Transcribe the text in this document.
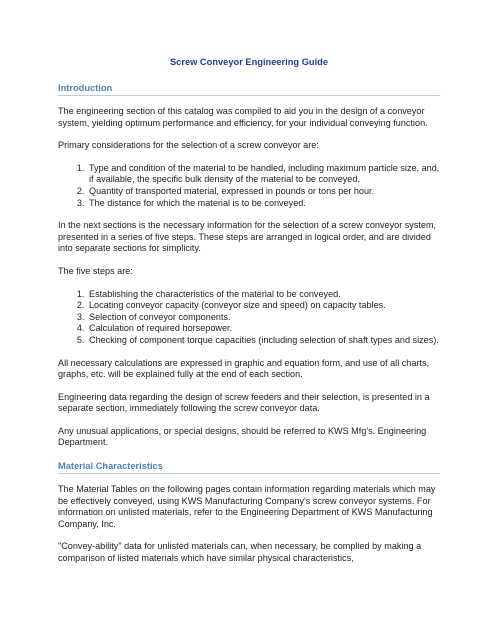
Screw Conveyor Engineering Guide
Introduction

The engineering section of this catalog was compiled to aid you in the design of a conveyor system, yielding optimum performance and efficiency, for your individual conveying function.

Primary considerations for the selection of a screw conveyor are:

1. Type and condition of the material to be handled, including maximum particle size, and, if available, the specific bulk density of the material to be conveyed.
2. Quantity of transported material, expressed in pounds or tons per hour.
3. The distance for which the material is to be conveyed.

In the next sections is the necessary information for the selection of a screw conveyor system, presented in a series of five steps. These steps are arranged in logical order, and are divided into separate sections for simplicity.

The five steps are:

1. Establishing the characteristics of the material to be conveyed.
2. Locating conveyor capacity (conveyor size and speed) on capacity tables.
3. Selection of conveyor components.
4. Calculation of required horsepower.
5. Checking of component torque capacities (including selection of shaft types and sizes).

All necessary calculations are expressed in graphic and equation form, and use of all charts, graphs, etc. will be explained fully at the end of each section.

Engineering data regarding the design of screw feeders and their selection, is presented in a separate section, immediately following the screw conveyor data.

Any unusual applications, or special designs, should be referred to KWS Mfg's. Engineering Department.

Material Characteristics

The Material Tables on the following pages contain information regarding materials which may be effectively conveyed, using KWS Manufacturing Company's screw conveyor systems. For information on unlisted materials, refer to the Engineering Department of KWS Manufacturing Company, Inc.

"Convey-ability" data for unlisted materials can, when necessary, be complied by making a comparison of listed materials which have similar physical characteristics,
